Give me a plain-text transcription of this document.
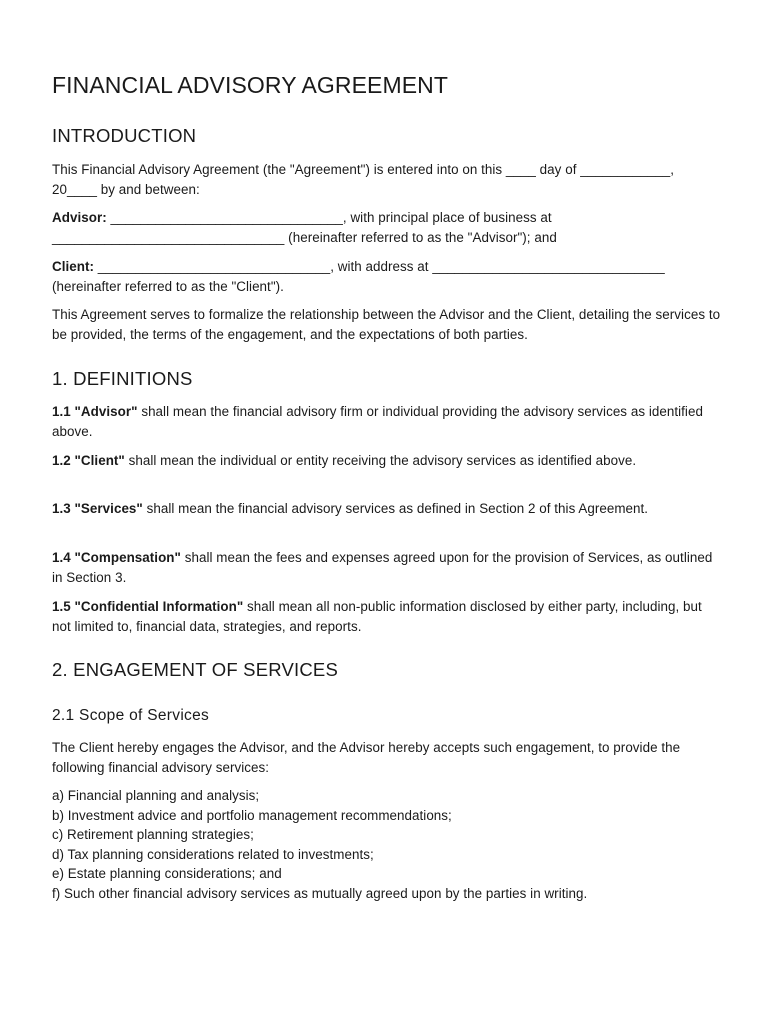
FINANCIAL ADVISORY AGREEMENT
INTRODUCTION

This Financial Advisory Agreement (the "Agreement") is entered into on this ____ day of ____________, 20____ by and between:

Advisor: _______________________________, with principal place of business at _______________________________ (hereinafter referred to as the "Advisor"); and

Client: _______________________________, with address at _______________________________ (hereinafter referred to as the "Client").

This Agreement serves to formalize the relationship between the Advisor and the Client, detailing the services to be provided, the terms of the engagement, and the expectations of both parties.

1. DEFINITIONS

1.1 "Advisor" shall mean the financial advisory firm or individual providing the advisory services as identified above.

1.2 "Client" shall mean the individual or entity receiving the advisory services as identified above.

1.3 "Services" shall mean the financial advisory services as defined in Section 2 of this Agreement.

1.4 "Compensation" shall mean the fees and expenses agreed upon for the provision of Services, as outlined in Section 3.

1.5 "Confidential Information" shall mean all non-public information disclosed by either party, including, but not limited to, financial data, strategies, and reports.

2. ENGAGEMENT OF SERVICES
2.1 Scope of Services

The Client hereby engages the Advisor, and the Advisor hereby accepts such engagement, to provide the following financial advisory services:

a) Financial planning and analysis;
b) Investment advice and portfolio management recommendations;
c) Retirement planning strategies;
d) Tax planning considerations related to investments;
e) Estate planning considerations; and
f) Such other financial advisory services as mutually agreed upon by the parties in writing.
